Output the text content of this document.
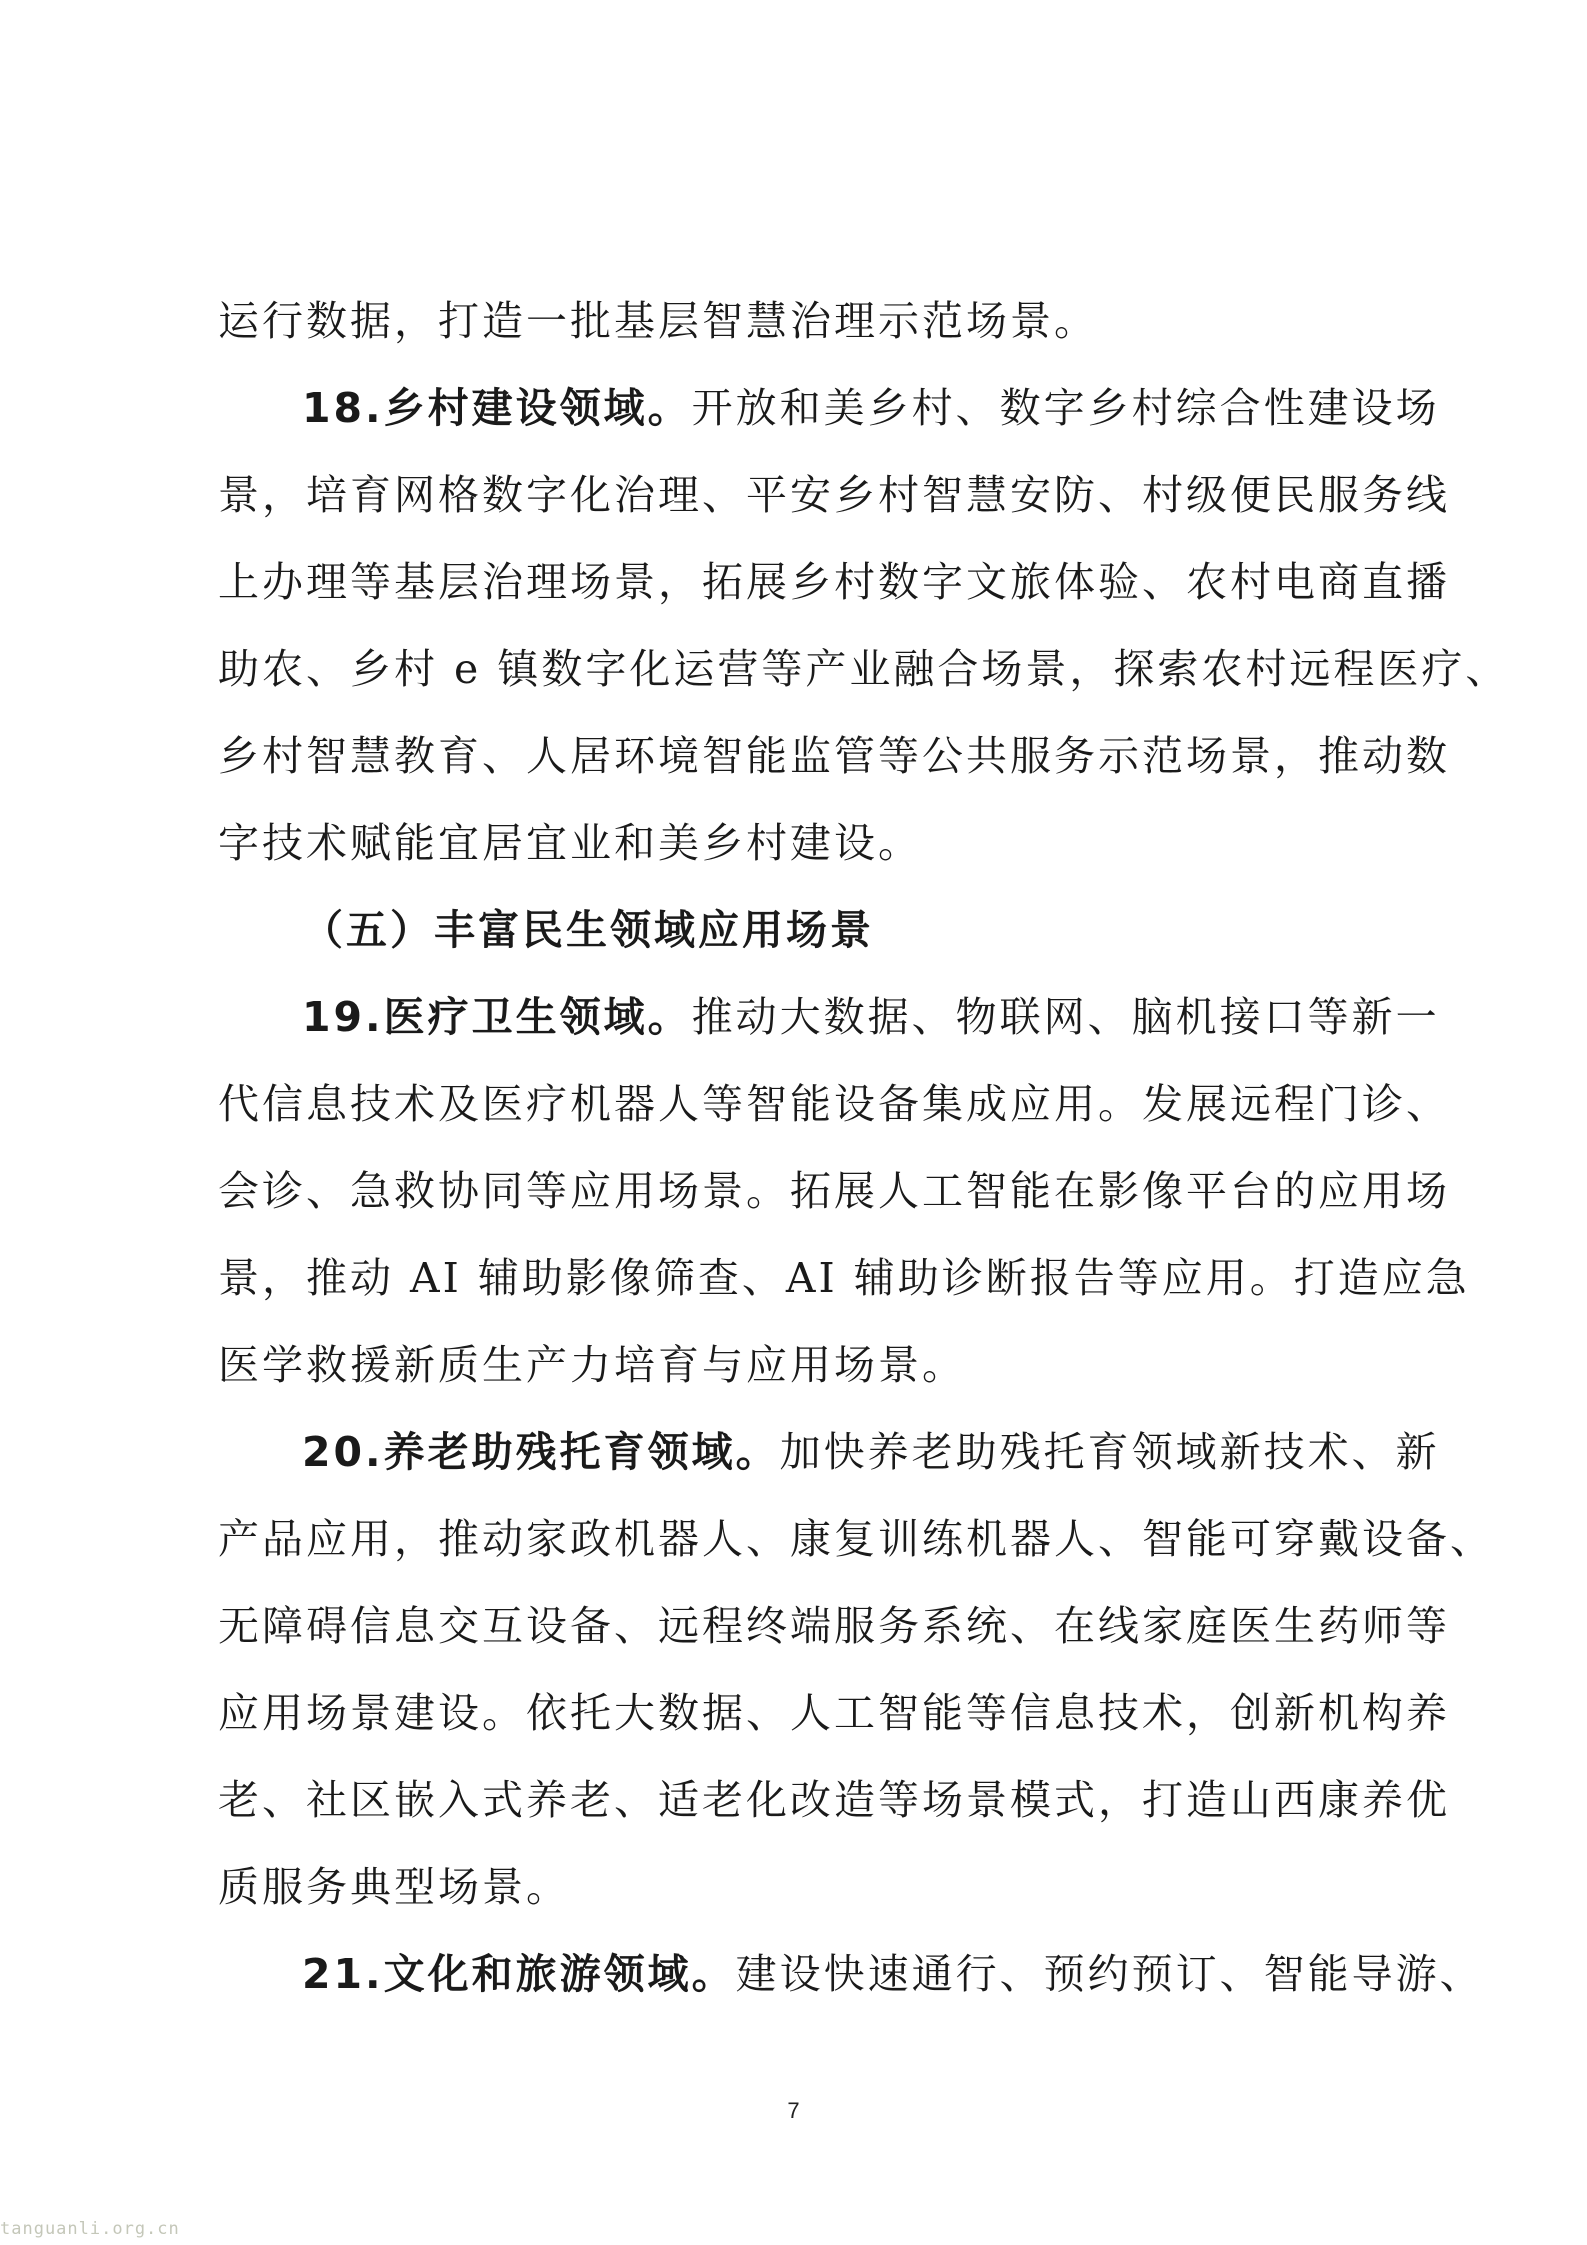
运行数据，打造一批基层智慧治理示范场景。
18.乡村建设领域。开放和美乡村、数字乡村综合性建设场
景，培育网格数字化治理、平安乡村智慧安防、村级便民服务线
上办理等基层治理场景，拓展乡村数字文旅体验、农村电商直播
助农、乡村 e 镇数字化运营等产业融合场景，探索农村远程医疗、
乡村智慧教育、人居环境智能监管等公共服务示范场景，推动数
字技术赋能宜居宜业和美乡村建设。
（五）丰富民生领域应用场景
19.医疗卫生领域。推动大数据、物联网、脑机接口等新一
代信息技术及医疗机器人等智能设备集成应用。发展远程门诊、
会诊、急救协同等应用场景。拓展人工智能在影像平台的应用场
景，推动 AI 辅助影像筛查、AI 辅助诊断报告等应用。打造应急
医学救援新质生产力培育与应用场景。
20.养老助残托育领域。加快养老助残托育领域新技术、新
产品应用，推动家政机器人、康复训练机器人、智能可穿戴设备、
无障碍信息交互设备、远程终端服务系统、在线家庭医生药师等
应用场景建设。依托大数据、人工智能等信息技术，创新机构养
老、社区嵌入式养老、适老化改造等场景模式，打造山西康养优
质服务典型场景。
21.文化和旅游领域。建设快速通行、预约预订、智能导游、
7
tanguanli.org.cn
